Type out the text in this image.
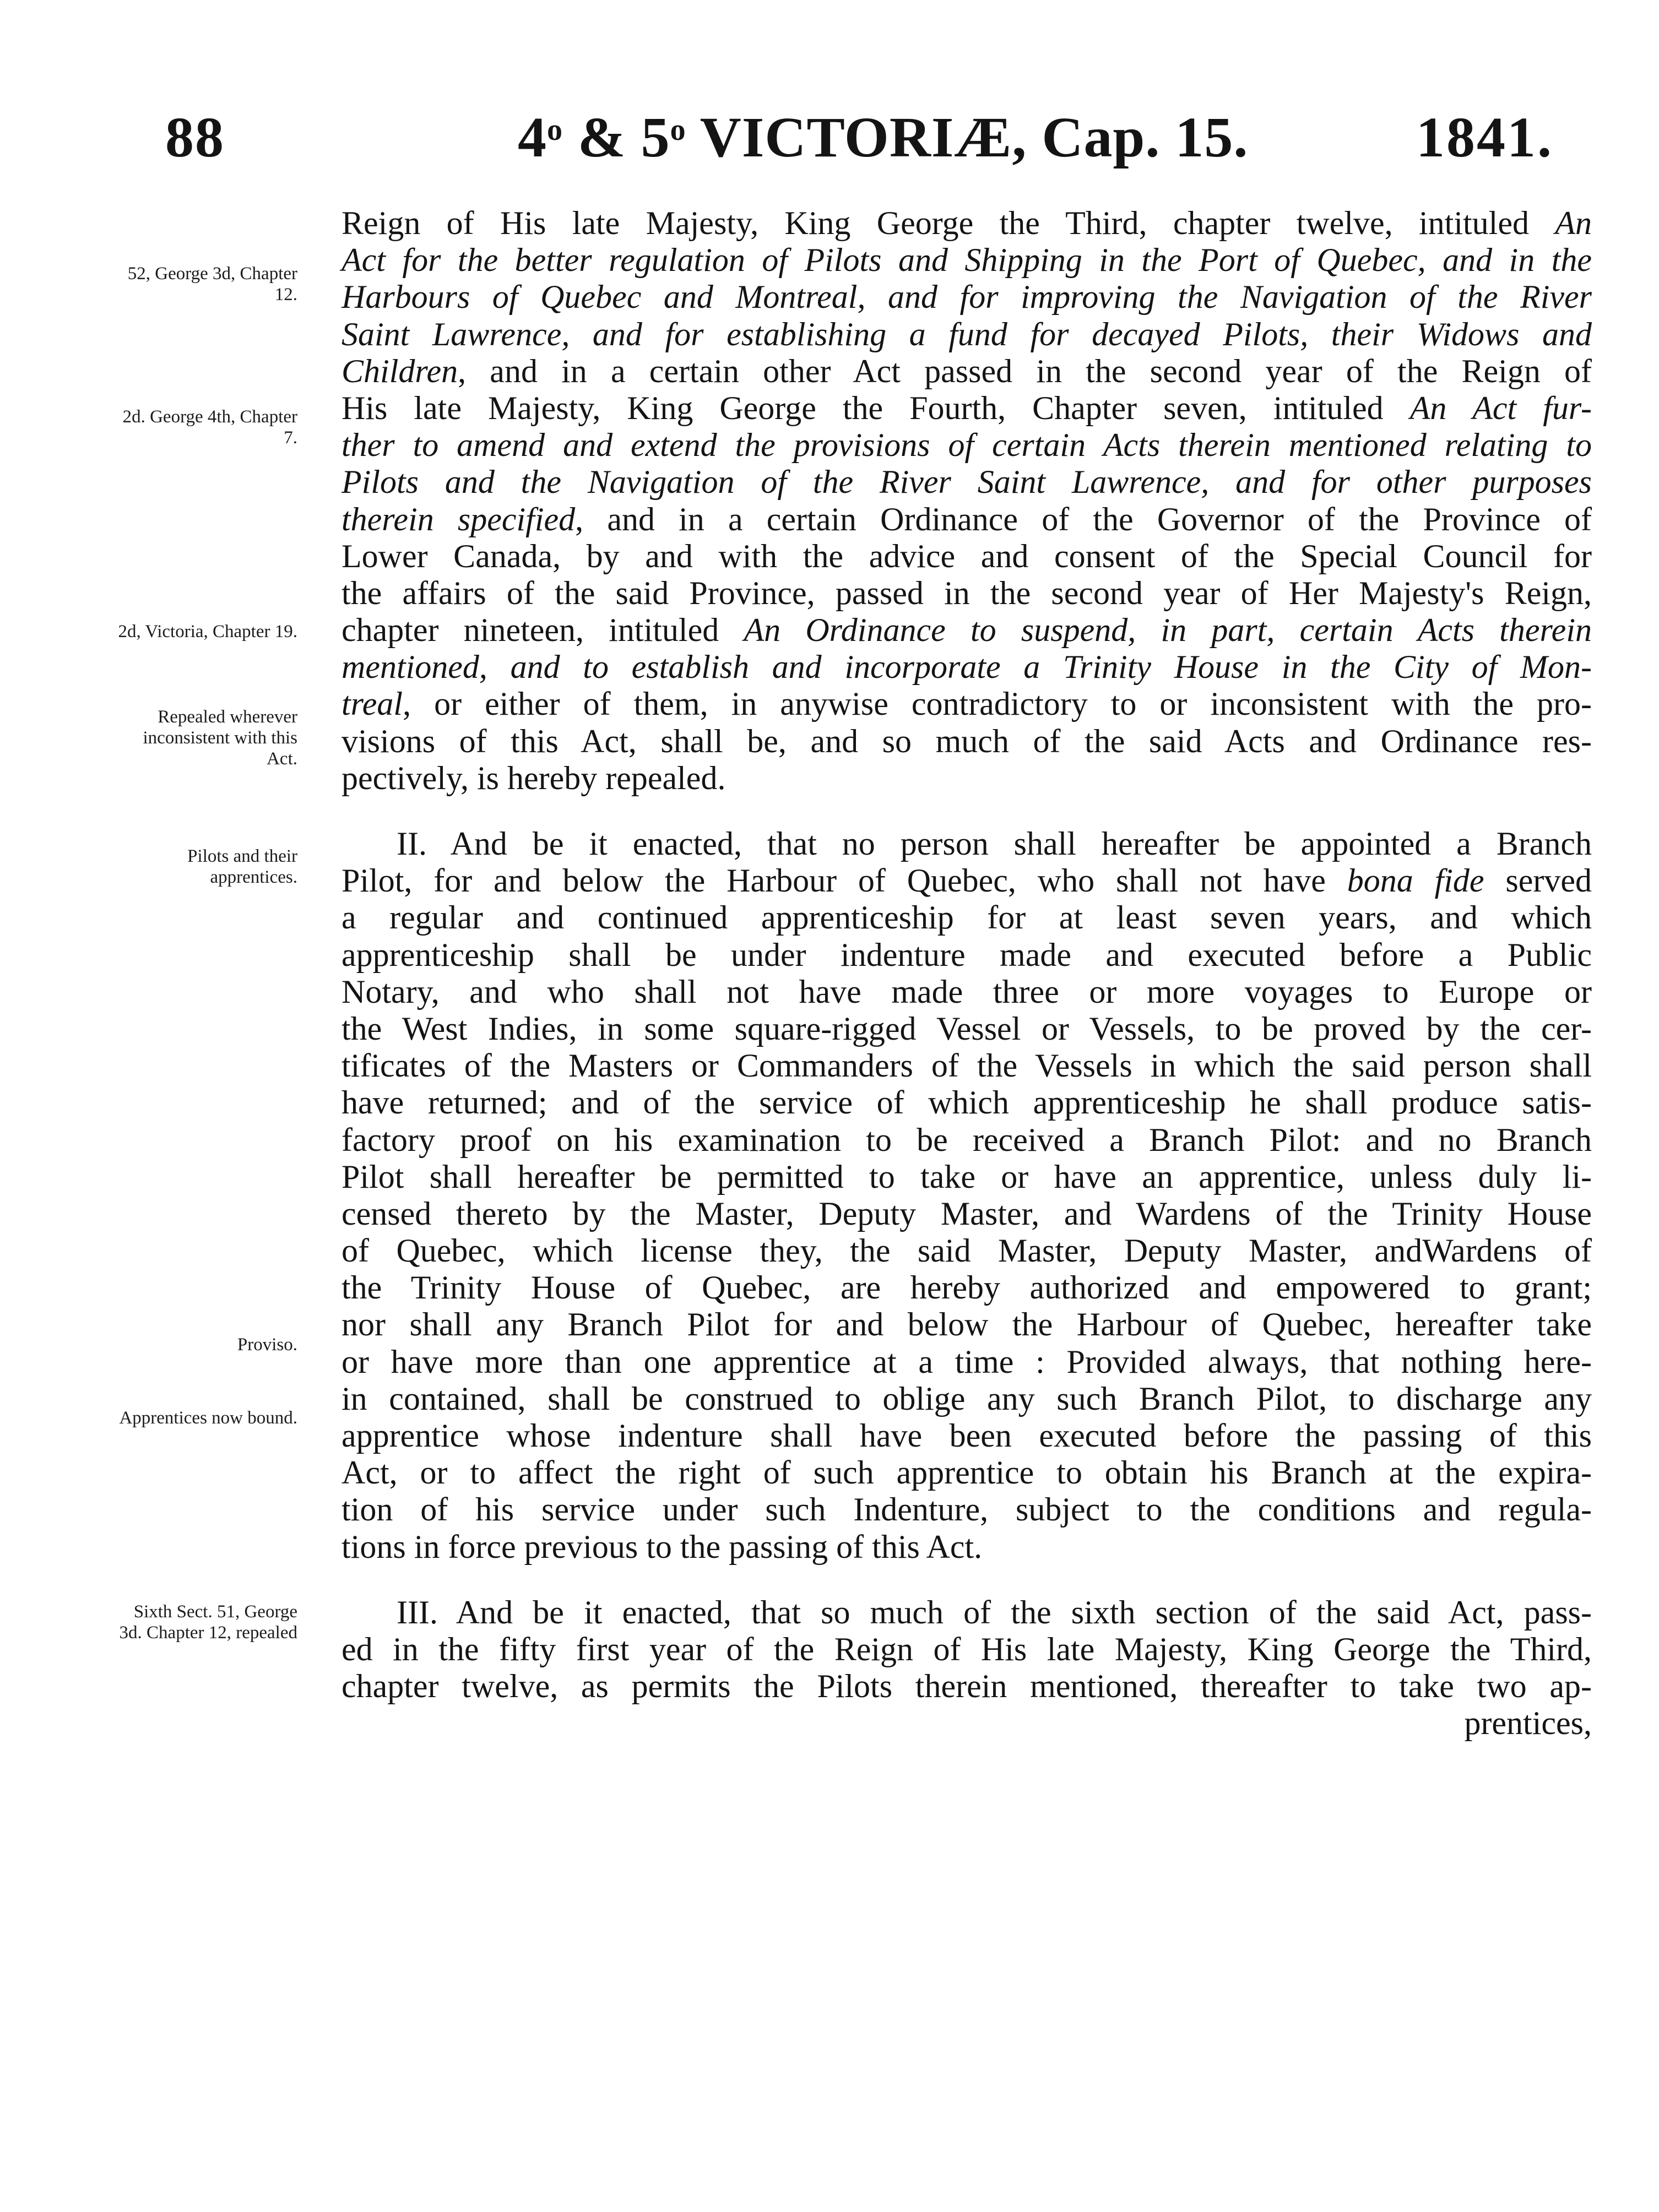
88	4$^o$ & 5$^o$ VICTORIÆ, Cap. 15.	1841.
52, George 3d, Chapter 12.
2d. George 4th, Chapter 7.
2d, Victoria, Chapter 19.
Repealed wherever inconsistent with this Act.
Pilots and their apprentices.
Proviso.
Apprentices now bound.
Sixth Sect. 51, George 3d. Chapter 12, repealed
Reign of His late Majesty, King George the Third, chapter twelve, intituled An
Act for the better regulation of Pilots and Shipping in the Port of Quebec, and in the
Harbours of Quebec and Montreal, and for improving the Navigation of the River
Saint Lawrence, and for establishing a fund for decayed Pilots, their Widows and
Children, and in a certain other Act passed in the second year of the Reign of
His late Majesty, King George the Fourth, Chapter seven, intituled An Act fur-
ther to amend and extend the provisions of certain Acts therein mentioned relating to
Pilots and the Navigation of the River Saint Lawrence, and for other purposes
therein specified, and in a certain Ordinance of the Governor of the Province of
Lower Canada, by and with the advice and consent of the Special Council for
the affairs of the said Province, passed in the second year of Her Majesty's Reign,
chapter nineteen, intituled An Ordinance to suspend, in part, certain Acts therein
mentioned, and to establish and incorporate a Trinity House in the City of Mon-
treal, or either of them, in anywise contradictory to or inconsistent with the pro-
visions of this Act, shall be, and so much of the said Acts and Ordinance res-
pectively, is hereby repealed.
II. And be it enacted, that no person shall hereafter be appointed a Branch
Pilot, for and below the Harbour of Quebec, who shall not have bona fide served
a regular and continued apprenticeship for at least seven years, and which
apprenticeship shall be under indenture made and executed before a Public
Notary, and who shall not have made three or more voyages to Europe or
the West Indies, in some square-rigged Vessel or Vessels, to be proved by the cer-
tificates of the Masters or Commanders of the Vessels in which the said person shall
have returned; and of the service of which apprenticeship he shall produce satis-
factory proof on his examination to be received a Branch Pilot: and no Branch
Pilot shall hereafter be permitted to take or have an apprentice, unless duly li-
censed thereto by the Master, Deputy Master, and Wardens of the Trinity House
of Quebec, which license they, the said Master, Deputy Master, andWardens of
the Trinity House of Quebec, are hereby authorized and empowered to grant;
nor shall any Branch Pilot for and below the Harbour of Quebec, hereafter take
or have more than one apprentice at a time : Provided always, that nothing here-
in contained, shall be construed to oblige any such Branch Pilot, to discharge any
apprentice whose indenture shall have been executed before the passing of this
Act, or to affect the right of such apprentice to obtain his Branch at the expira-
tion of his service under such Indenture, subject to the conditions and regula-
tions in force previous to the passing of this Act.
III. And be it enacted, that so much of the sixth section of the said Act, pass-
ed in the fifty first year of the Reign of His late Majesty, King George the Third,
chapter twelve, as permits the Pilots therein mentioned, thereafter to take two ap-
prentices,
